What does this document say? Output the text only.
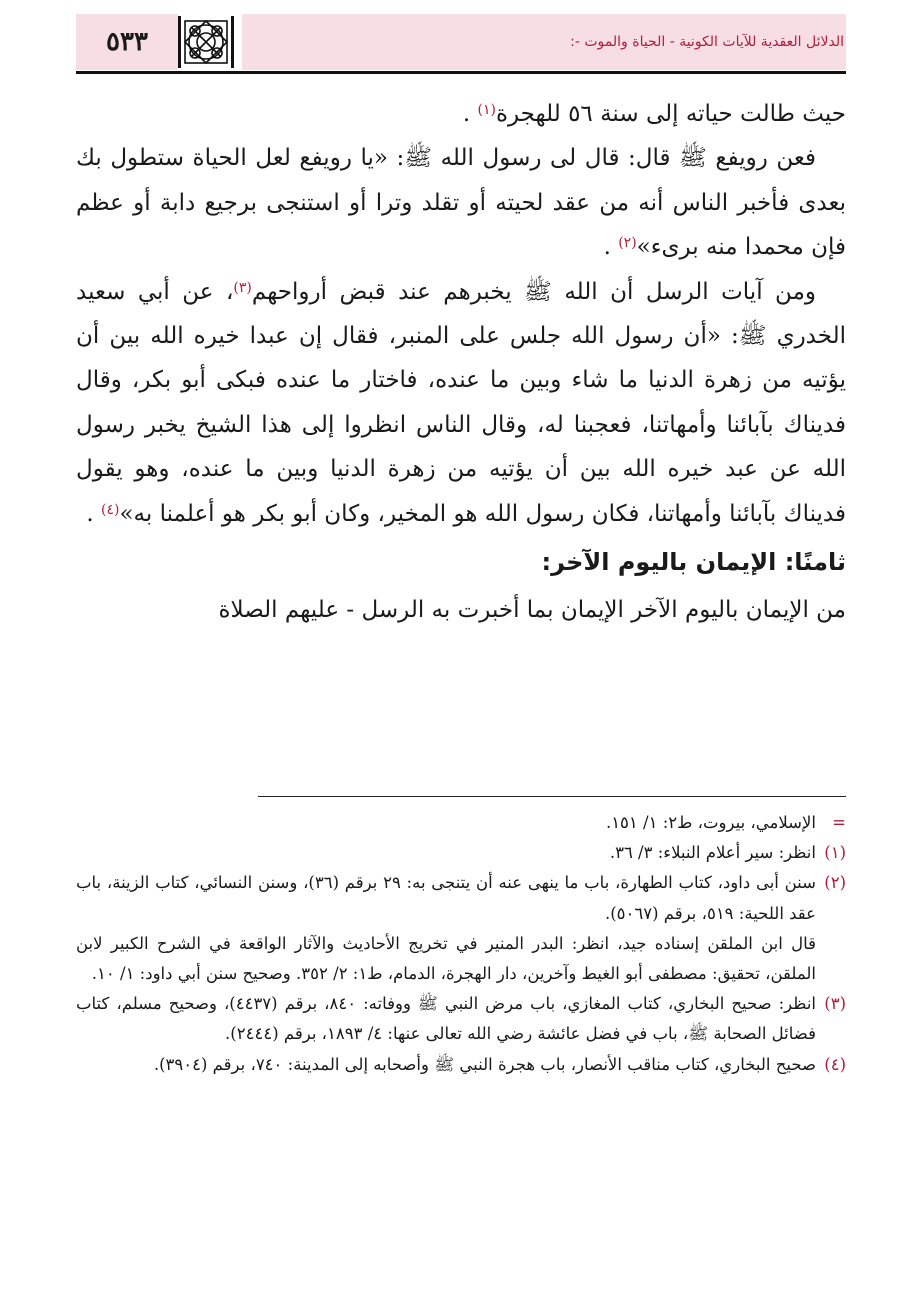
٥٣٣	الدلائل العقدية للآيات الكونية - الحياة والموت -:

حيث طالت حياته إلى سنة ٥٦ للهجرة$^{(١)}$ .

فعن رويفع ﷺ قال: قال لى رسول الله ﷺ: «يا رويفع لعل الحياة ستطول بك بعدى فأخبر الناس أنه من عقد لحيته أو تقلد وترا أو استنجى برجيع دابة أو عظم فإن محمدا منه برىء»$^{(٢)}$ .

ومن آيات الرسل أن الله ﷺ يخبرهم عند قبض أرواحهم$^{(٣)}$، عن أبي سعيد الخدري ﷺ: «أن رسول الله جلس على المنبر، فقال إن عبدا خيره الله بين أن يؤتيه من زهرة الدنيا ما شاء وبين ما عنده، فاختار ما عنده فبكى أبو بكر، وقال فديناك بآبائنا وأمهاتنا، فعجبنا له، وقال الناس انظروا إلى هذا الشيخ يخبر رسول الله عن عبد خيره الله بين أن يؤتيه من زهرة الدنيا وبين ما عنده، وهو يقول فديناك بآبائنا وأمهاتنا، فكان رسول الله هو المخير، وكان أبو بكر هو أعلمنا به»$^{(٤)}$ .

ثامنًا: الإيمان باليوم الآخر:

من الإيمان باليوم الآخر الإيمان بما أخبرت به الرسل - عليهم الصلاة

=
الإسلامي، بيروت، ط٢: ١/ ١٥١.
(١)
انظر: سير أعلام النبلاء: ٣/ ٣٦.
(٢)
سنن أبى داود، كتاب الطهارة، باب ما ينهى عنه أن يتنجى به: ٢٩ برقم (٣٦)، وسنن النسائي، كتاب الزينة، باب عقد اللحية: ٥١٩، برقم (٥٠٦٧).
قال ابن الملقن إسناده جيد، انظر: البدر المنير في تخريج الأحاديث والآثار الواقعة في الشرح الكبير لابن الملقن، تحقيق: مصطفى أبو الغيط وآخرين، دار الهجرة، الدمام، ط١: ٢/ ٣٥٢. وصحيح سنن أبي داود: ١/ ١٠.
(٣)
انظر: صحيح البخاري، كتاب المغازي، باب مرض النبي ﷺ ووفاته: ٨٤٠، برقم (٤٤٣٧)، وصحيح مسلم، كتاب فضائل الصحابة ﷺ، باب في فضل عائشة رضي الله تعالى عنها: ٤/ ١٨٩٣، برقم (٢٤٤٤).
(٤)
صحيح البخاري، كتاب مناقب الأنصار، باب هجرة النبي ﷺ وأصحابه إلى المدينة: ٧٤٠، برقم (٣٩٠٤).
